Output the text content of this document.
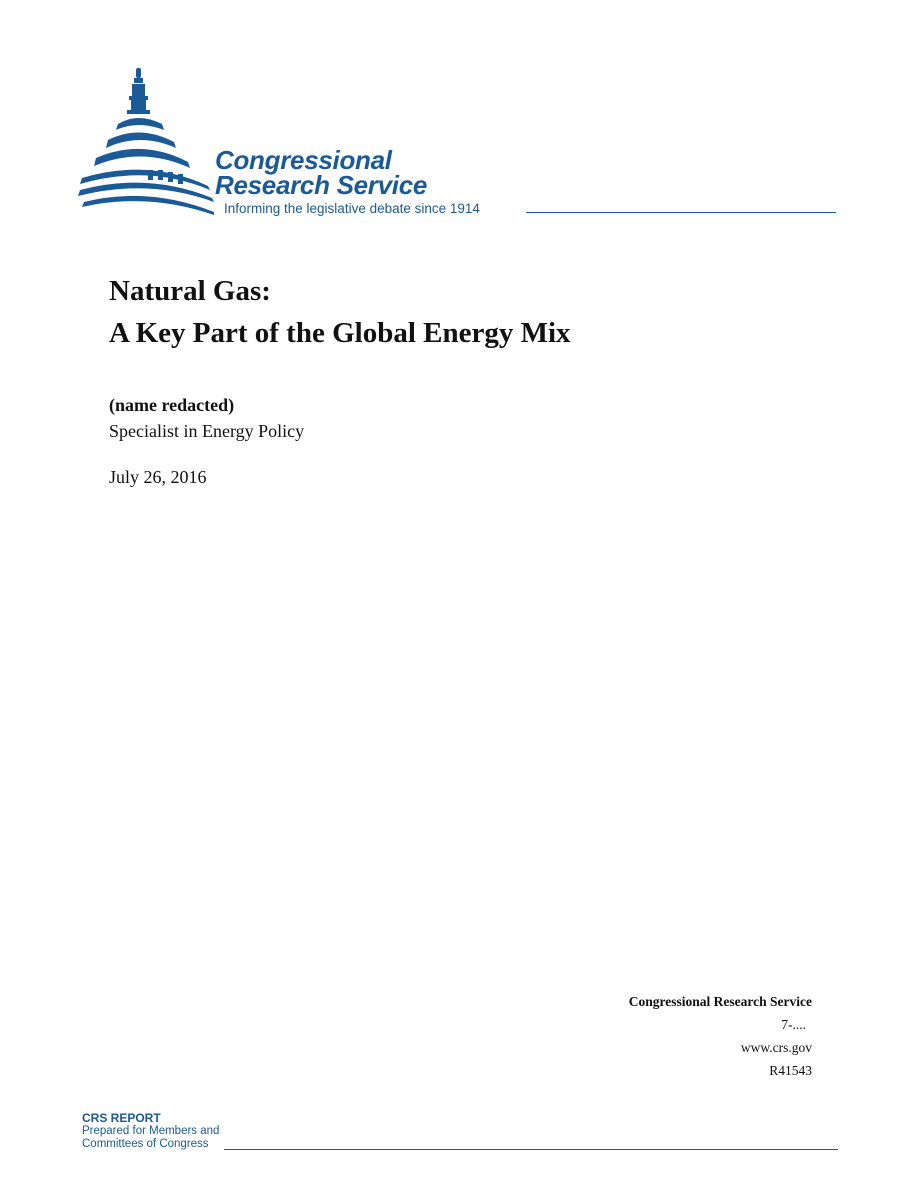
Congressional
Research Service
Informing the legislative debate since 1914
Natural Gas:
A Key Part of the Global Energy Mix
(name redacted)
Specialist in Energy Policy
July 26, 2016
Congressional Research Service
7-....
www.crs.gov
R41543
CRS REPORT
Prepared for Members and
Committees of Congress
